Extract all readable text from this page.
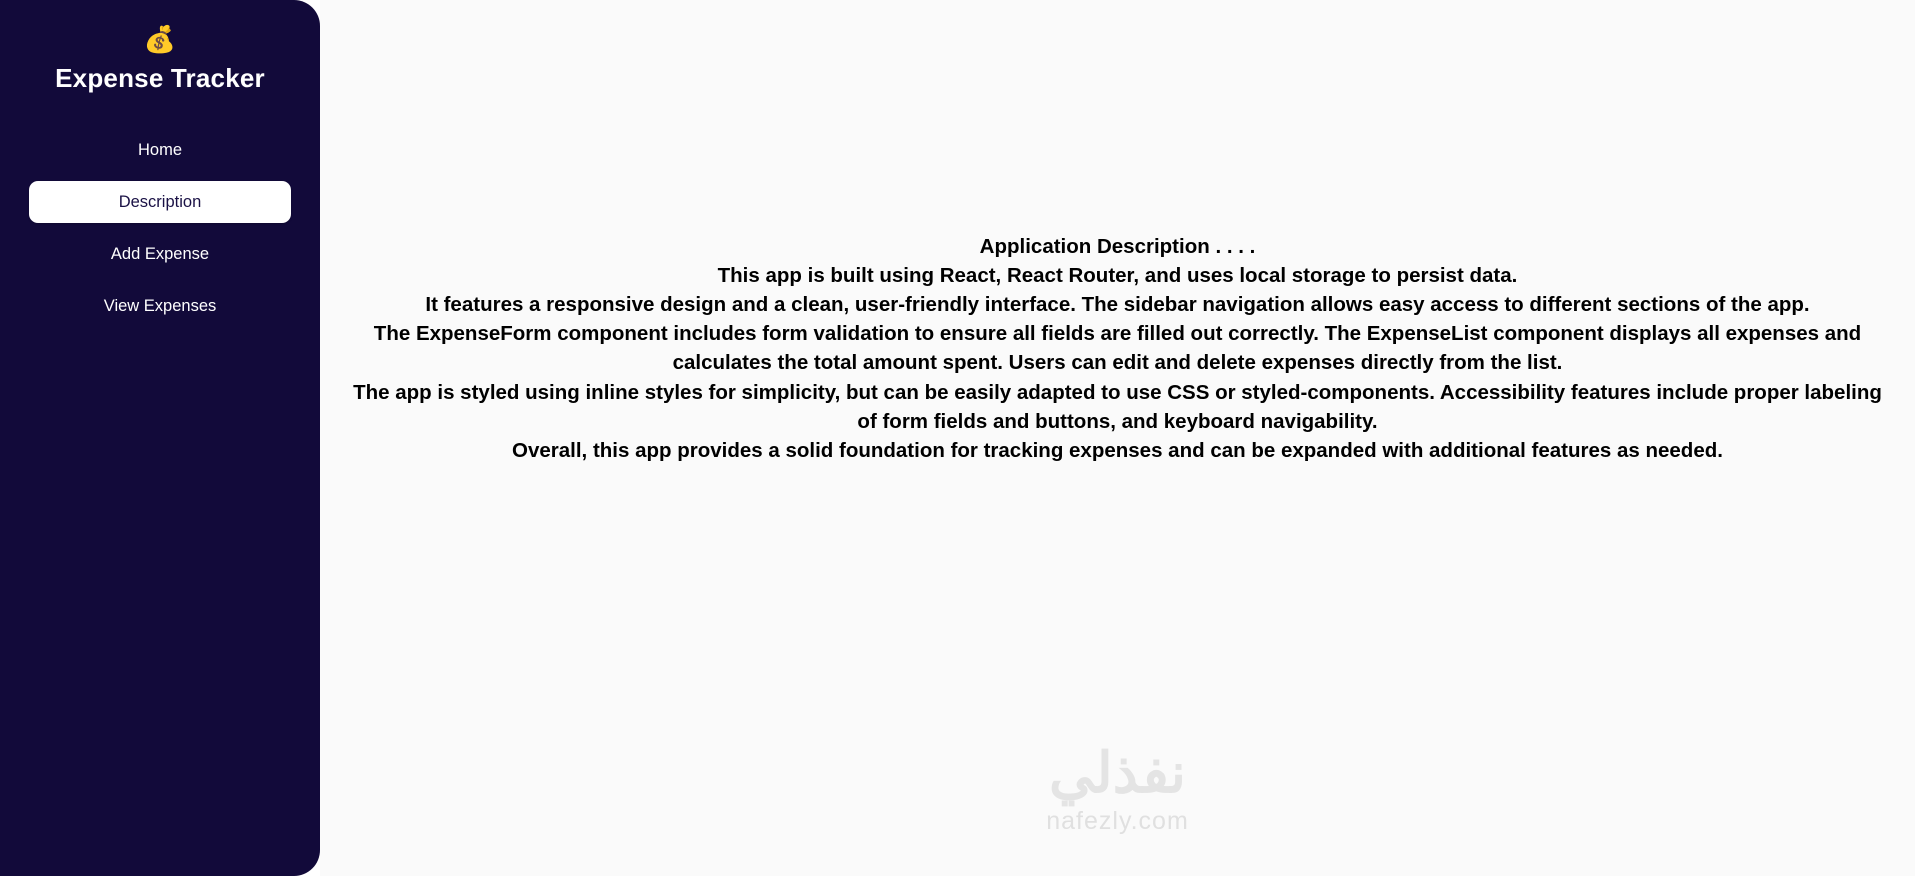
💰
Expense Tracker
Home
Description
Add Expense
View Expenses
Application Description . . . .
This app is built using React, React Router, and uses local storage to persist data.
It features a responsive design and a clean, user-friendly interface. The sidebar navigation allows easy access to different sections of the app.
The ExpenseForm component includes form validation to ensure all fields are filled out correctly. The ExpenseList component displays all expenses and calculates the total amount spent. Users can edit and delete expenses directly from the list.
The app is styled using inline styles for simplicity, but can be easily adapted to use CSS or styled-components. Accessibility features include proper labeling of form fields and buttons, and keyboard navigability.
Overall, this app provides a solid foundation for tracking expenses and can be expanded with additional features as needed.
نفذلي
nafezly.com
